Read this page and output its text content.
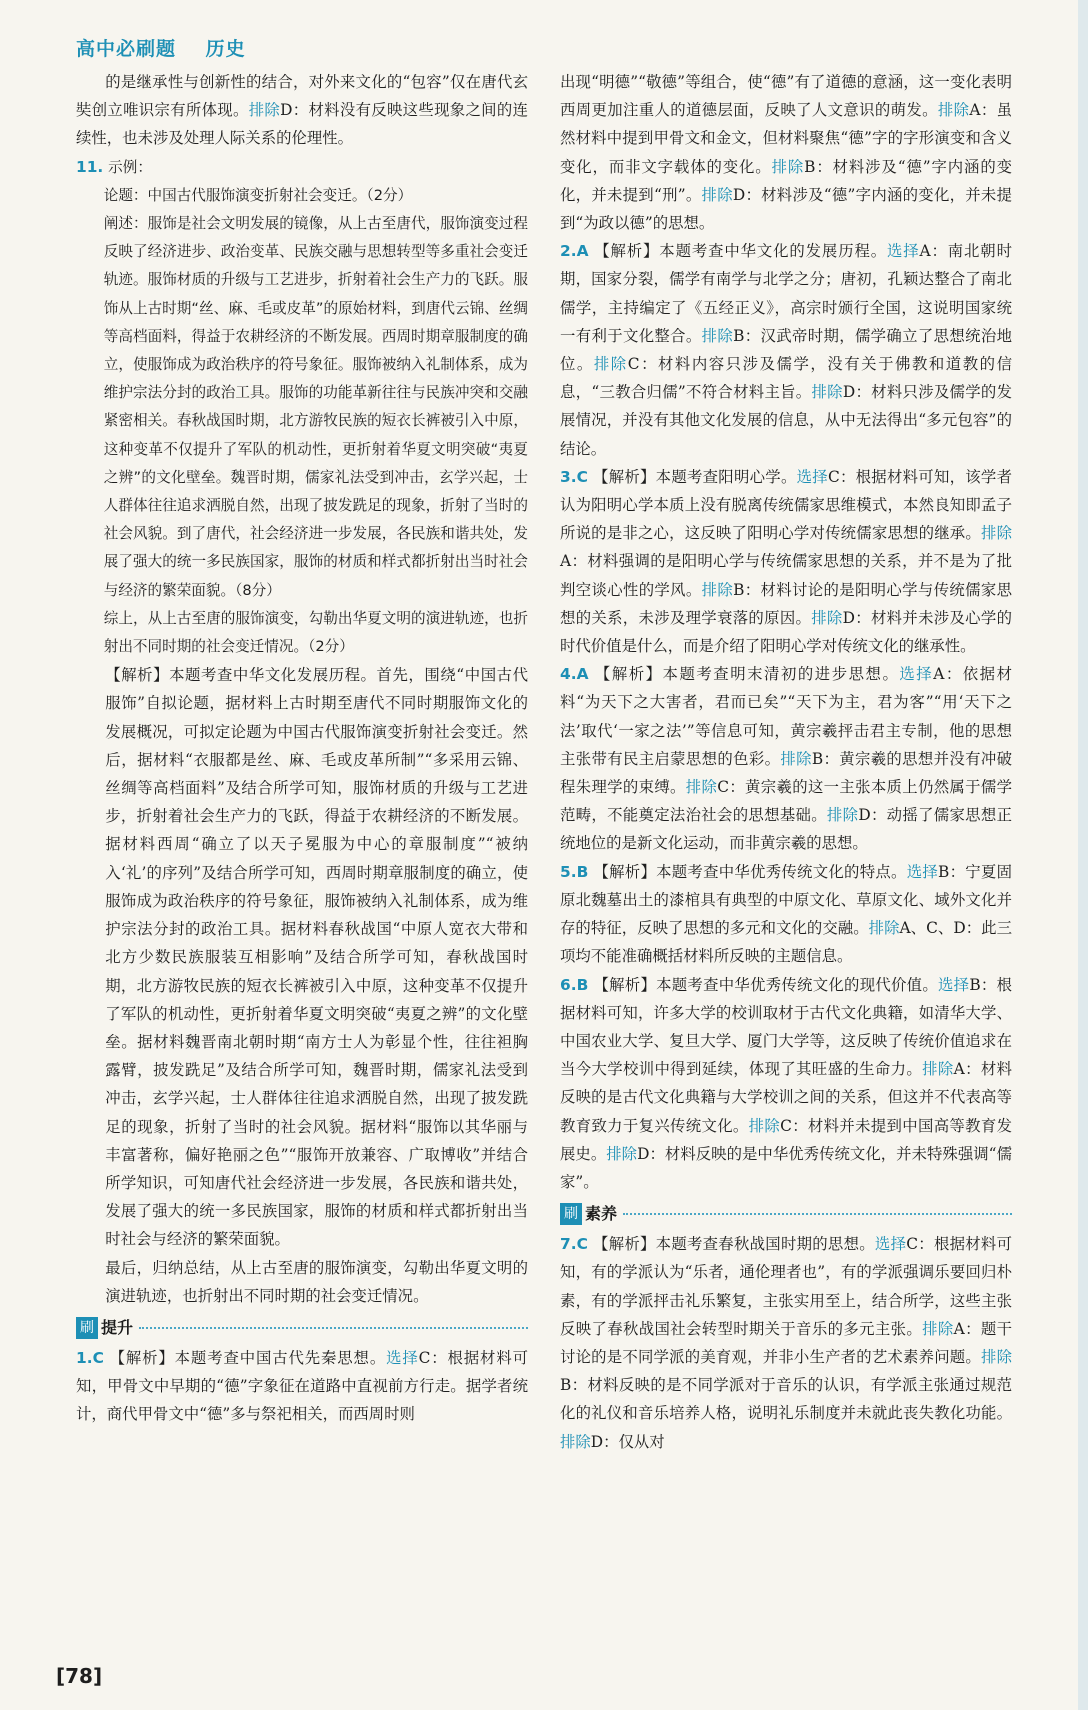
高中必刷题 历史

的是继承性与创新性的结合，对外来文化的“包容”仅在唐代玄奘创立唯识宗有所体现。排除D：材料没有反映这些现象之间的连续性，也未涉及处理人际关系的伦理性。

11. 示例：

论题：中国古代服饰演变折射社会变迁。（2分）

阐述：服饰是社会文明发展的镜像，从上古至唐代，服饰演变过程反映了经济进步、政治变革、民族交融与思想转型等多重社会变迁轨迹。服饰材质的升级与工艺进步，折射着社会生产力的飞跃。服饰从上古时期“丝、麻、毛或皮革”的原始材料，到唐代云锦、丝绸等高档面料，得益于农耕经济的不断发展。西周时期章服制度的确立，使服饰成为政治秩序的符号象征。服饰被纳入礼制体系，成为维护宗法分封的政治工具。服饰的功能革新往往与民族冲突和交融紧密相关。春秋战国时期，北方游牧民族的短衣长裤被引入中原，这种变革不仅提升了军队的机动性，更折射着华夏文明突破“夷夏之辨”的文化壁垒。魏晋时期，儒家礼法受到冲击，玄学兴起，士人群体往往追求洒脱自然，出现了披发跣足的现象，折射了当时的社会风貌。到了唐代，社会经济进一步发展，各民族和谐共处，发展了强大的统一多民族国家，服饰的材质和样式都折射出当时社会与经济的繁荣面貌。（8分）

综上，从上古至唐的服饰演变，勾勒出华夏文明的演进轨迹，也折射出不同时期的社会变迁情况。（2分）

【解析】本题考查中华文化发展历程。首先，围绕“中国古代服饰”自拟论题，据材料上古时期至唐代不同时期服饰文化的发展概况，可拟定论题为中国古代服饰演变折射社会变迁。然后，据材料“衣服都是丝、麻、毛或皮革所制”“多采用云锦、丝绸等高档面料”及结合所学可知，服饰材质的升级与工艺进步，折射着社会生产力的飞跃，得益于农耕经济的不断发展。据材料西周“确立了以天子冕服为中心的章服制度”“被纳入‘礼’的序列”及结合所学可知，西周时期章服制度的确立，使服饰成为政治秩序的符号象征，服饰被纳入礼制体系，成为维护宗法分封的政治工具。据材料春秋战国“中原人宽衣大带和北方少数民族服装互相影响”及结合所学可知，春秋战国时期，北方游牧民族的短衣长裤被引入中原，这种变革不仅提升了军队的机动性，更折射着华夏文明突破“夷夏之辨”的文化壁垒。据材料魏晋南北朝时期“南方士人为彰显个性，往往袒胸露臂，披发跣足”及结合所学可知，魏晋时期，儒家礼法受到冲击，玄学兴起，士人群体往往追求洒脱自然，出现了披发跣足的现象，折射了当时的社会风貌。据材料“服饰以其华丽与丰富著称，偏好艳丽之色”“服饰开放兼容、广取博收”并结合所学知识，可知唐代社会经济进一步发展，各民族和谐共处，发展了强大的统一多民族国家，服饰的材质和样式都折射出当时社会与经济的繁荣面貌。

最后，归纳总结，从上古至唐的服饰演变，勾勒出华夏文明的演进轨迹，也折射出不同时期的社会变迁情况。

刷 提升

1.C 【解析】本题考查中国古代先秦思想。选择C：根据材料可知，甲骨文中早期的“德”字象征在道路中直视前方行走。据学者统计，商代甲骨文中“德”多与祭祀相关，而西周时则

出现“明德”“敬德”等组合，使“德”有了道德的意涵，这一变化表明西周更加注重人的道德层面，反映了人文意识的萌发。排除A：虽然材料中提到甲骨文和金文，但材料聚焦“德”字的字形演变和含义变化，而非文字载体的变化。排除B：材料涉及“德”字内涵的变化，并未提到“刑”。排除D：材料涉及“德”字内涵的变化，并未提到“为政以德”的思想。

2.A 【解析】本题考查中华文化的发展历程。选择A：南北朝时期，国家分裂，儒学有南学与北学之分；唐初，孔颖达整合了南北儒学，主持编定了《五经正义》，高宗时颁行全国，这说明国家统一有利于文化整合。排除B：汉武帝时期，儒学确立了思想统治地位。排除C：材料内容只涉及儒学，没有关于佛教和道教的信息，“三教合归儒”不符合材料主旨。排除D：材料只涉及儒学的发展情况，并没有其他文化发展的信息，从中无法得出“多元包容”的结论。

3.C 【解析】本题考查阳明心学。选择C：根据材料可知，该学者认为阳明心学本质上没有脱离传统儒家思维模式，本然良知即孟子所说的是非之心，这反映了阳明心学对传统儒家思想的继承。排除A：材料强调的是阳明心学与传统儒家思想的关系，并不是为了批判空谈心性的学风。排除B：材料讨论的是阳明心学与传统儒家思想的关系，未涉及理学衰落的原因。排除D：材料并未涉及心学的时代价值是什么，而是介绍了阳明心学对传统文化的继承性。

4.A 【解析】本题考查明末清初的进步思想。选择A：依据材料“为天下之大害者，君而已矣”“天下为主，君为客”“用‘天下之法’取代‘一家之法’”等信息可知，黄宗羲抨击君主专制，他的思想主张带有民主启蒙思想的色彩。排除B：黄宗羲的思想并没有冲破程朱理学的束缚。排除C：黄宗羲的这一主张本质上仍然属于儒学范畴，不能奠定法治社会的思想基础。排除D：动摇了儒家思想正统地位的是新文化运动，而非黄宗羲的思想。

5.B 【解析】本题考查中华优秀传统文化的特点。选择B：宁夏固原北魏墓出土的漆棺具有典型的中原文化、草原文化、域外文化并存的特征，反映了思想的多元和文化的交融。排除A、C、D：此三项均不能准确概括材料所反映的主题信息。

6.B 【解析】本题考查中华优秀传统文化的现代价值。选择B：根据材料可知，许多大学的校训取材于古代文化典籍，如清华大学、中国农业大学、复旦大学、厦门大学等，这反映了传统价值追求在当今大学校训中得到延续，体现了其旺盛的生命力。排除A：材料反映的是古代文化典籍与大学校训之间的关系，但这并不代表高等教育致力于复兴传统文化。排除C：材料并未提到中国高等教育发展史。排除D：材料反映的是中华优秀传统文化，并未特殊强调“儒家”。

刷 素养

7.C 【解析】本题考查春秋战国时期的思想。选择C：根据材料可知，有的学派认为“乐者，通伦理者也”，有的学派强调乐要回归朴素，有的学派抨击礼乐繁复，主张实用至上，结合所学，这些主张反映了春秋战国社会转型时期关于音乐的多元主张。排除A：题干讨论的是不同学派的美育观，并非小生产者的艺术素养问题。排除B：材料反映的是不同学派对于音乐的认识，有学派主张通过规范化的礼仪和音乐培养人格，说明礼乐制度并未就此丧失教化功能。排除D：仅从对

[78]
